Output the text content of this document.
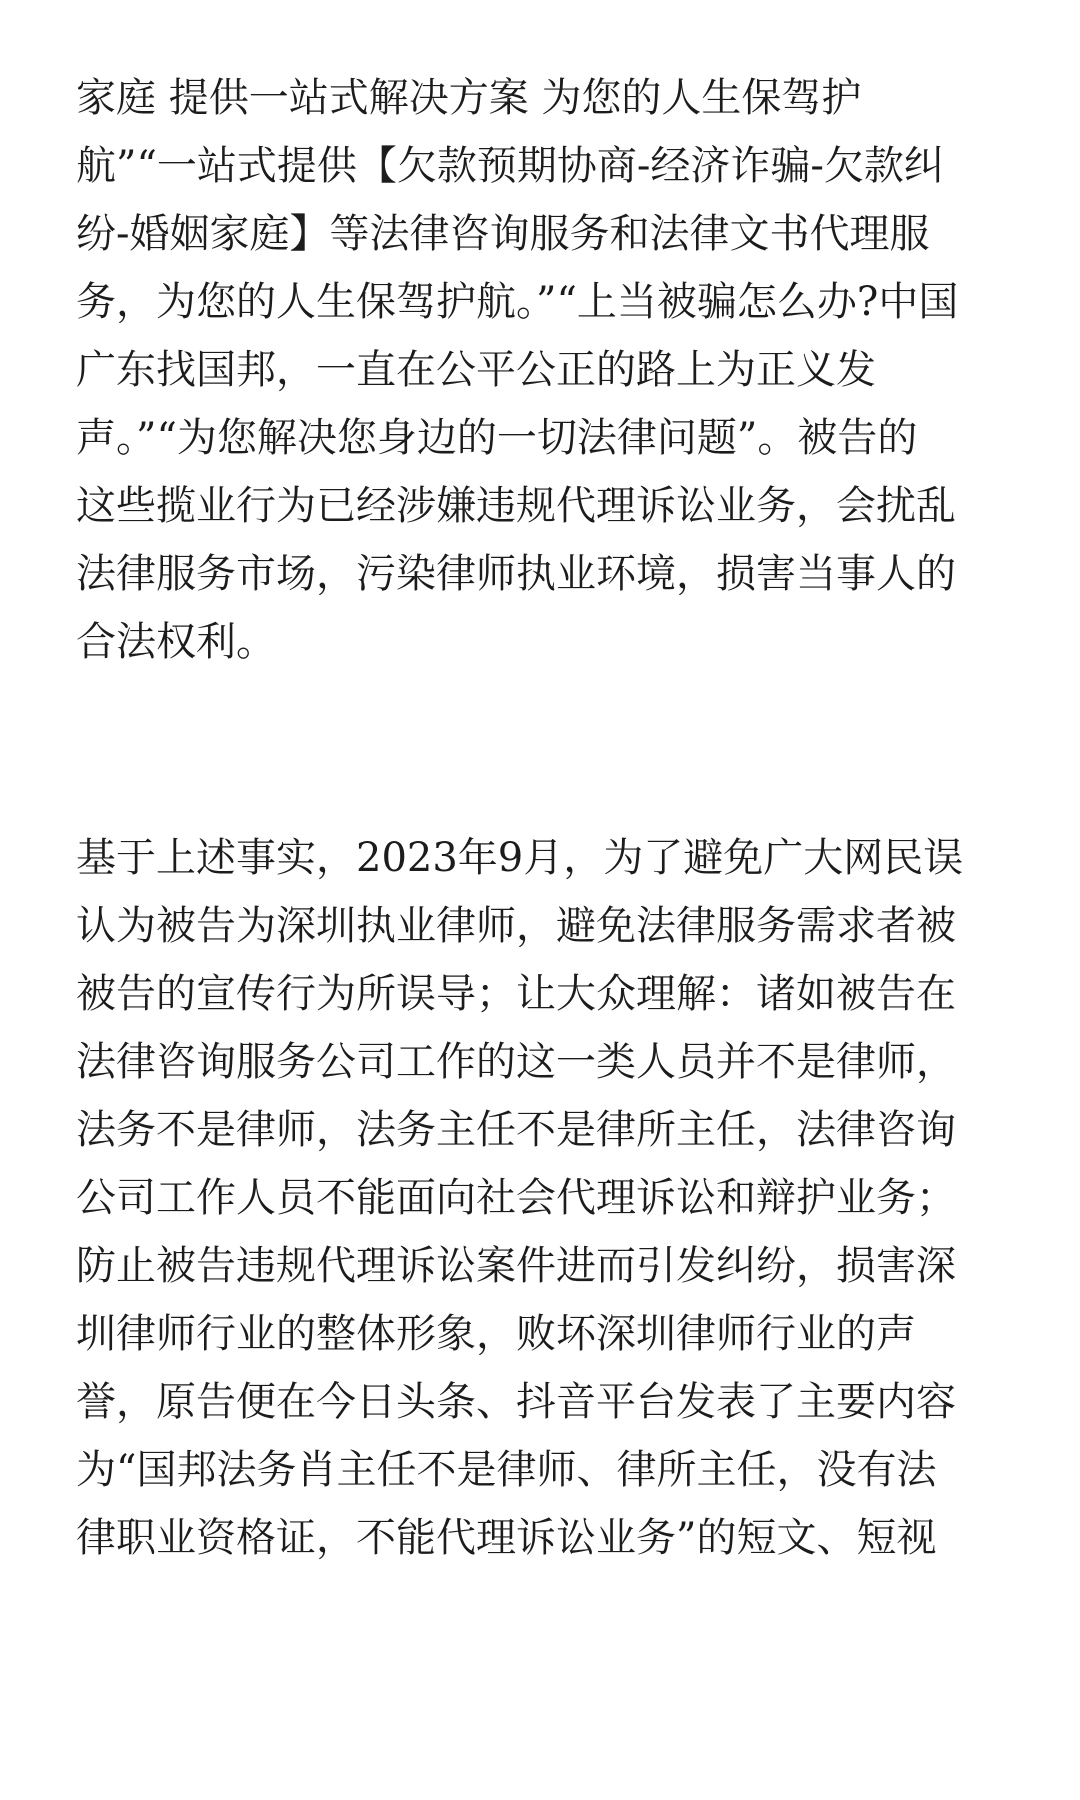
家庭 提供一站式解决方案 为您的人生保驾护
航”“一站式提供【欠款预期协商-经济诈骗-欠款纠
纷-婚姻家庭】等法律咨询服务和法律文书代理服
务，为您的人生保驾护航。”“上当被骗怎么办?中国
广东找国邦，一直在公平公正的路上为正义发
声。”“为您解决您身边的一切法律问题”。被告的
这些揽业行为已经涉嫌违规代理诉讼业务，会扰乱
法律服务市场，污染律师执业环境，损害当事人的
合法权利。
基于上述事实，2023年9月，为了避免广大网民误
认为被告为深圳执业律师，避免法律服务需求者被
被告的宣传行为所误导；让大众理解：诸如被告在
法律咨询服务公司工作的这一类人员并不是律师，
法务不是律师，法务主任不是律所主任，法律咨询
公司工作人员不能面向社会代理诉讼和辩护业务；
防止被告违规代理诉讼案件进而引发纠纷，损害深
圳律师行业的整体形象，败坏深圳律师行业的声
誉，原告便在今日头条、抖音平台发表了主要内容
为“国邦法务肖主任不是律师、律所主任，没有法
律职业资格证，不能代理诉讼业务”的短文、短视
